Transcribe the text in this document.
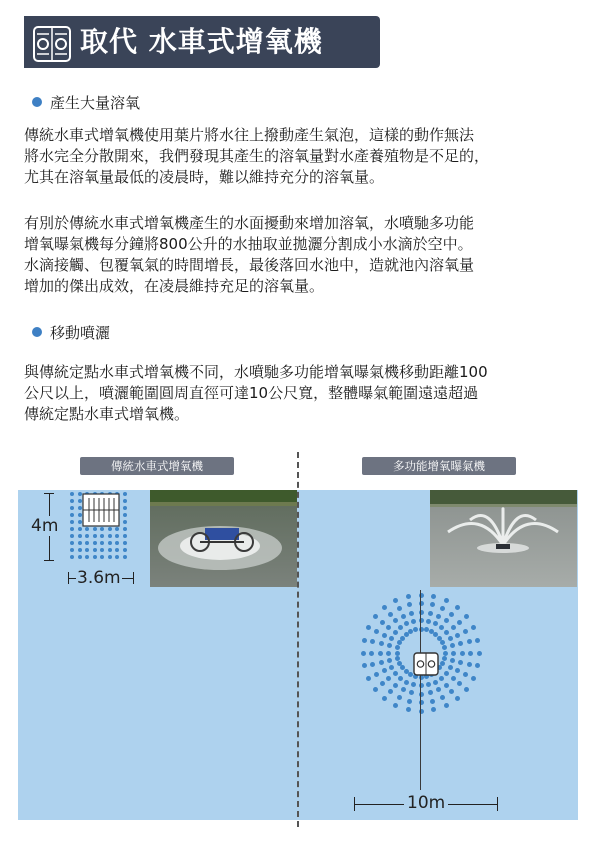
取代 水車式增氧機
產生大量溶氧
傳統水車式增氧機使用葉片將水往上撥動產生氣泡，這樣的動作無法
將水完全分散開來，我們發現其產生的溶氧量對水產養殖物是不足的，
尤其在溶氧量最低的凌晨時，難以維持充分的溶氧量。
有別於傳統水車式增氧機產生的水面擾動來增加溶氧，水噴馳多功能
增氧曝氣機每分鐘將800公升的水抽取並拋灑分割成小水滴於空中。
水滴接觸、包覆氧氣的時間增長，最後落回水池中，造就池內溶氧量
增加的傑出成效，在凌晨維持充足的溶氧量。
移動噴灑
與傳統定點水車式增氧機不同，水噴馳多功能增氧曝氣機移動距離100
公尺以上，噴灑範圍圓周直徑可達10公尺寬，整體曝氣範圍遠遠超過
傳統定點水車式增氧機。
傳統水車式增氧機	多功能增氧曝氣機
4m
3.6m
10m
